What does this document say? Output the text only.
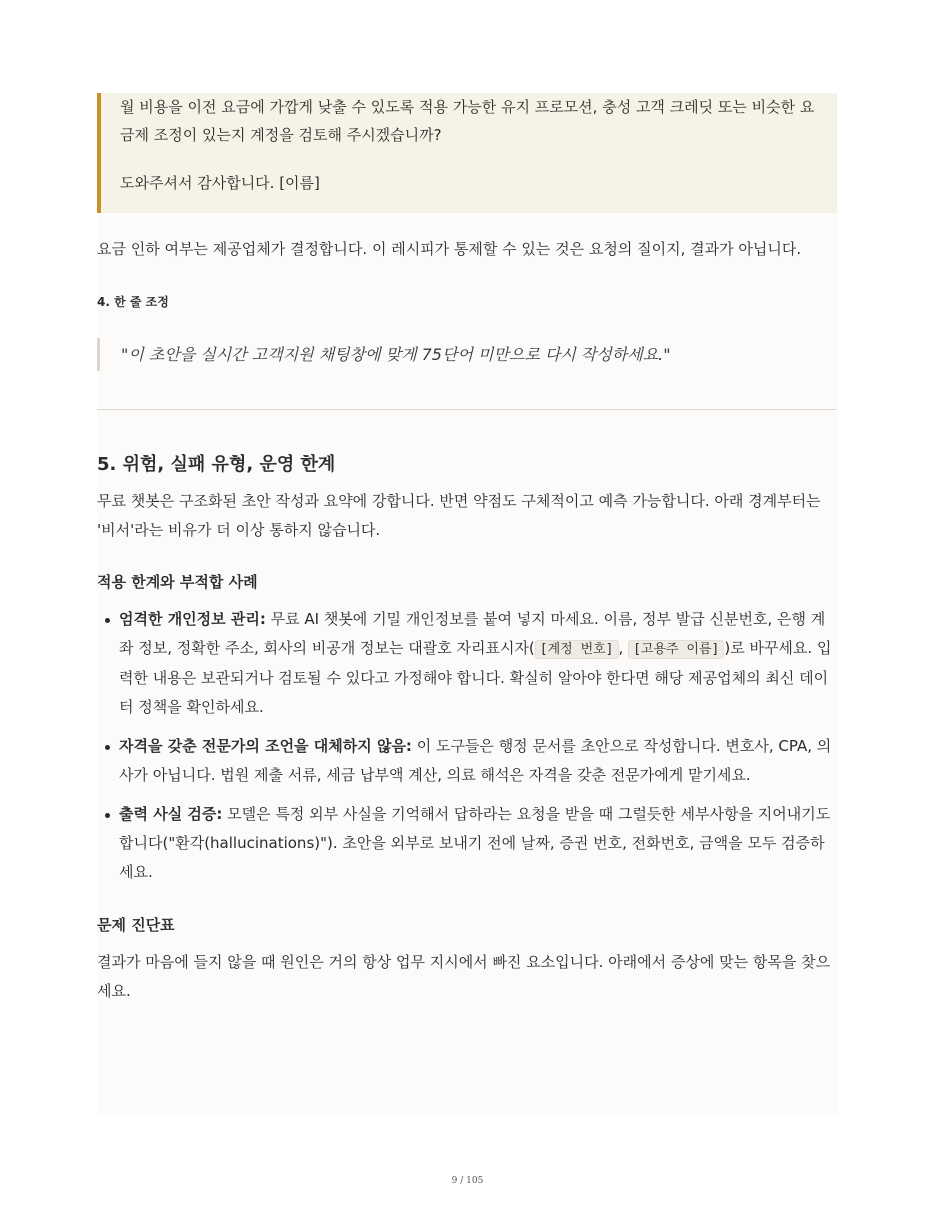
월 비용을 이전 요금에 가깝게 낮출 수 있도록 적용 가능한 유지 프로모션, 충성 고객 크레딧 또는 비슷한 요금제 조정이 있는지 계정을 검토해 주시겠습니까?

도와주셔서 감사합니다. [이름]

요금 인하 여부는 제공업체가 결정합니다. 이 레시피가 통제할 수 있는 것은 요청의 질이지, 결과가 아닙니다.

4. 한 줄 조정

"이 초안을 실시간 고객지원 채팅창에 맞게 75단어 미만으로 다시 작성하세요."

5. 위험, 실패 유형, 운영 한계

무료 챗봇은 구조화된 초안 작성과 요약에 강합니다. 반면 약점도 구체적이고 예측 가능합니다. 아래 경계부터는 '비서'라는 비유가 더 이상 통하지 않습니다.

적용 한계와 부적합 사례

엄격한 개인정보 관리: 무료 AI 챗봇에 기밀 개인정보를 붙여 넣지 마세요. 이름, 정부 발급 신분번호, 은행 계좌 정보, 정확한 주소, 회사의 비공개 정보는 대괄호 자리표시자( [계정 번호] , [고용주 이름] )로 바꾸세요. 입력한 내용은 보관되거나 검토될 수 있다고 가정해야 합니다. 확실히 알아야 한다면 해당 제공업체의 최신 데이터 정책을 확인하세요.

자격을 갖춘 전문가의 조언을 대체하지 않음: 이 도구들은 행정 문서를 초안으로 작성합니다. 변호사, CPA, 의사가 아닙니다. 법원 제출 서류, 세금 납부액 계산, 의료 해석은 자격을 갖춘 전문가에게 맡기세요.

출력 사실 검증: 모델은 특정 외부 사실을 기억해서 답하라는 요청을 받을 때 그럴듯한 세부사항을 지어내기도 합니다("환각(hallucinations)"). 초안을 외부로 보내기 전에 날짜, 증권 번호, 전화번호, 금액을 모두 검증하세요.

문제 진단표

결과가 마음에 들지 않을 때 원인은 거의 항상 업무 지시에서 빠진 요소입니다. 아래에서 증상에 맞는 항목을 찾으세요.

9 / 105
